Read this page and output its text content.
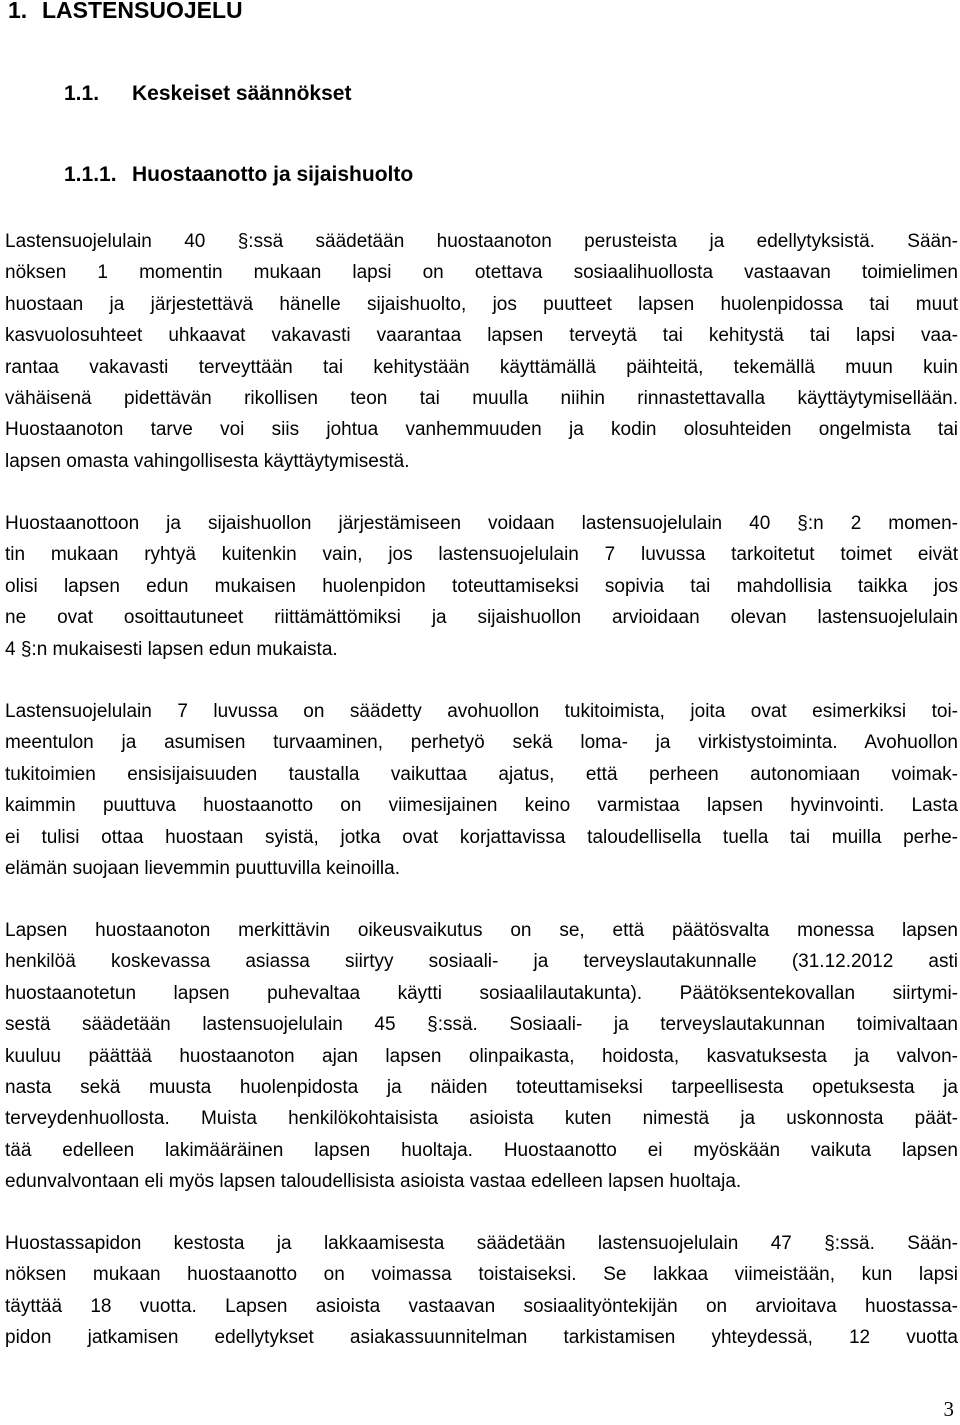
1. LASTENSUOJELU
1.1. Keskeiset säännökset
1.1.1. Huostaanotto ja sijaishuolto
Lastensuojelulain 40 §:ssä säädetään huostaanoton perusteista ja edellytyksistä. Sään-
nöksen 1 momentin mukaan lapsi on otettava sosiaalihuollosta vastaavan toimielimen
huostaan ja järjestettävä hänelle sijaishuolto, jos puutteet lapsen huolenpidossa tai muut
kasvuolosuhteet uhkaavat vakavasti vaarantaa lapsen terveytä tai kehitystä tai lapsi vaa-
rantaa vakavasti terveyttään tai kehitystään käyttämällä päihteitä, tekemällä muun kuin
vähäisenä pidettävän rikollisen teon tai muulla niihin rinnastettavalla käyttäytymisellään.
Huostaanoton tarve voi siis johtua vanhemmuuden ja kodin olosuhteiden ongelmista tai
lapsen omasta vahingollisesta käyttäytymisestä.
Huostaanottoon ja sijaishuollon järjestämiseen voidaan lastensuojelulain 40 §:n 2 momen-
tin mukaan ryhtyä kuitenkin vain, jos lastensuojelulain 7 luvussa tarkoitetut toimet eivät
olisi lapsen edun mukaisen huolenpidon toteuttamiseksi sopivia tai mahdollisia taikka jos
ne ovat osoittautuneet riittämättömiksi ja sijaishuollon arvioidaan olevan lastensuojelulain
4 §:n mukaisesti lapsen edun mukaista.
Lastensuojelulain 7 luvussa on säädetty avohuollon tukitoimista, joita ovat esimerkiksi toi-
meentulon ja asumisen turvaaminen, perhetyö sekä loma- ja virkistystoiminta. Avohuollon
tukitoimien ensisijaisuuden taustalla vaikuttaa ajatus, että perheen autonomiaan voimak-
kaimmin puuttuva huostaanotto on viimesijainen keino varmistaa lapsen hyvinvointi. Lasta
ei tulisi ottaa huostaan syistä, jotka ovat korjattavissa taloudellisella tuella tai muilla perhe-
elämän suojaan lievemmin puuttuvilla keinoilla.
Lapsen huostaanoton merkittävin oikeusvaikutus on se, että päätösvalta monessa lapsen
henkilöä koskevassa asiassa siirtyy sosiaali- ja terveyslautakunnalle (31.12.2012 asti
huostaanotetun lapsen puhevaltaa käytti sosiaalilautakunta). Päätöksentekovallan siirtymi-
sestä säädetään lastensuojelulain 45 §:ssä. Sosiaali- ja terveyslautakunnan toimivaltaan
kuuluu päättää huostaanoton ajan lapsen olinpaikasta, hoidosta, kasvatuksesta ja valvon-
nasta sekä muusta huolenpidosta ja näiden toteuttamiseksi tarpeellisesta opetuksesta ja
terveydenhuollosta. Muista henkilökohtaisista asioista kuten nimestä ja uskonnosta päät-
tää edelleen lakimääräinen lapsen huoltaja. Huostaanotto ei myöskään vaikuta lapsen
edunvalvontaan eli myös lapsen taloudellisista asioista vastaa edelleen lapsen huoltaja.
Huostassapidon kestosta ja lakkaamisesta säädetään lastensuojelulain 47 §:ssä. Sään-
nöksen mukaan huostaanotto on voimassa toistaiseksi. Se lakkaa viimeistään, kun lapsi
täyttää 18 vuotta. Lapsen asioista vastaavan sosiaalityöntekijän on arvioitava huostassa-
pidon jatkamisen edellytykset asiakassuunnitelman tarkistamisen yhteydessä, 12 vuotta
3
